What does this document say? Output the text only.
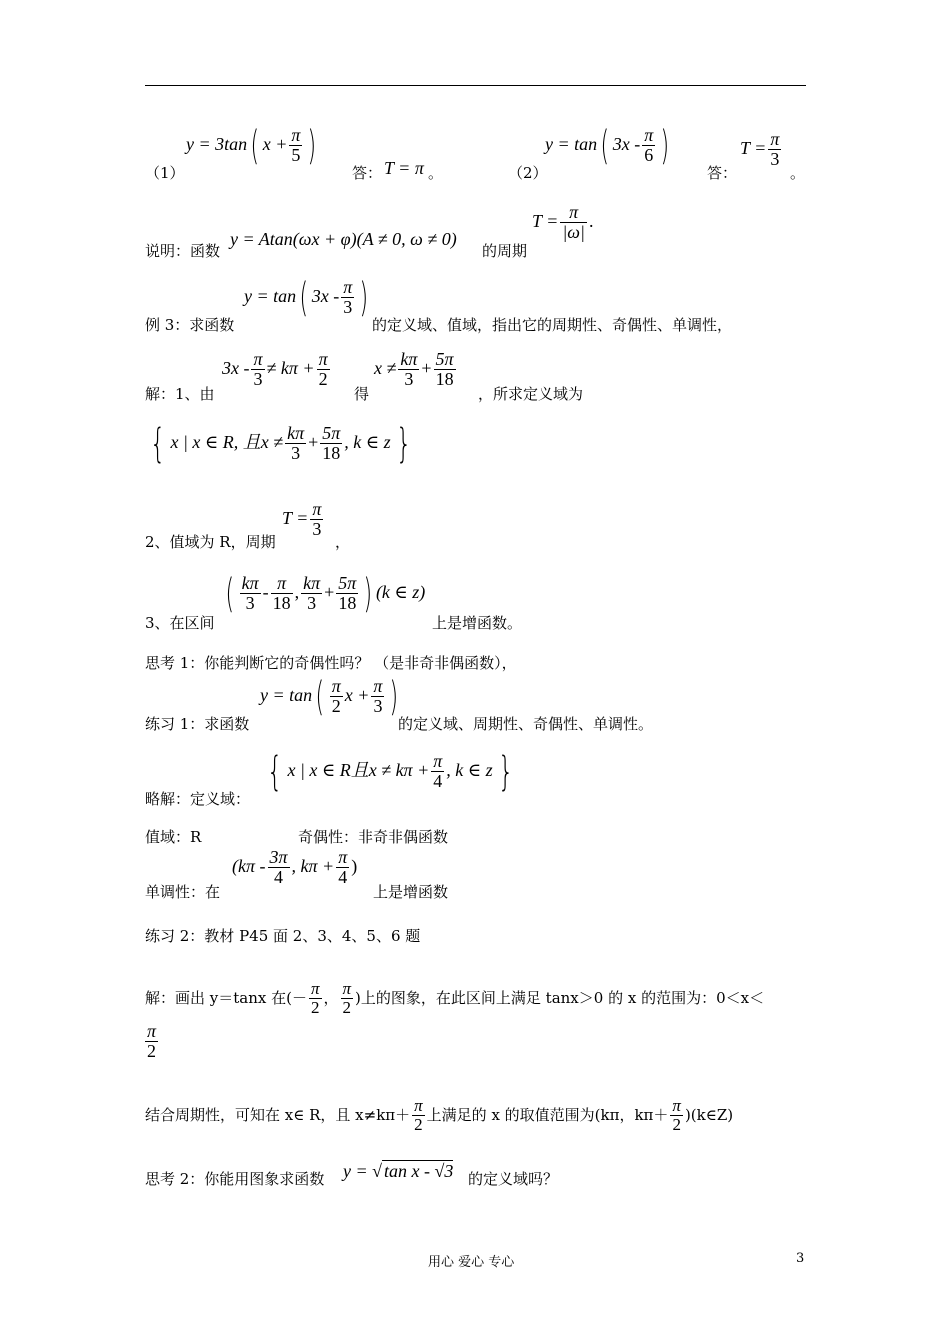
（1）
y = 3tan( $x + \frac{\pi}{5}$ )
答： T = π 。	（2）
y = tan( $3x - \frac{\pi}{6}$ )
答：
$T = \frac{\pi}{3}$
。
说明：函数
y = Atan(ωx + φ)(A ≠ 0, ω ≠ 0)
的周期
$T = \frac{\pi}{|\omega|}$ .
例 3：求函数
y = tan( $3x - \frac{\pi}{3}$ )
的定义域、值域，指出它的周期性、奇偶性、单调性，
解：1、由
$3x - \frac{\pi}{3} \ne k\pi + \frac{\pi}{2}$
得
$x \ne \frac{k\pi}{3} + \frac{5\pi}{18}$
，所求定义域为
{ x | x ∈ R, 且$x \ne \frac{k\pi}{3} + \frac{5\pi}{18}$ , k ∈ z }
2、值域为 R，周期
$T = \frac{\pi}{3}$
，
3、在区间
( $\frac{k\pi}{3} - \frac{\pi}{18}$ , $\frac{k\pi}{3} + \frac{5\pi}{18}$ ) (k ∈ z)
上是增函数。
思考 1：你能判断它的奇偶性吗？ （是非奇非偶函数），
练习 1：求函数
$y = \tan( \frac{\pi}{2}$ $x + \frac{\pi}{3}$ )
的定义域、周期性、奇偶性、单调性。
略解：定义域：
{ x | x ∈ R且$x \ne k\pi + \frac{\pi}{4}$ , k ∈ z }
值域：R	奇偶性：非奇非偶函数
单调性：在
($k\pi - \frac{3\pi}{4}$ , $k\pi + \frac{\pi}{4}$ )
上是增函数
练习 2：教材 P45 面 2、3、4、5、6 题
解：画出 y＝tanx 在(－ $\frac{\pi}{2}$ ， $\frac{\pi}{2}$ )上的图象，在此区间上满足 tanx＞0 的 x 的范围为：0＜x＜
$\frac{\pi}{2}$
结合周期性，可知在 x∈ R，且 $x\ne k\pi+ \frac{\pi}{2}$ 上满足的 x 的取值范围为(kπ，$k\pi+ \frac{\pi}{2}$ )(k∈Z)
思考 2：你能用图象求函数 y = √ tan x - √3 的定义域吗？
用心 爱心 专心	3
